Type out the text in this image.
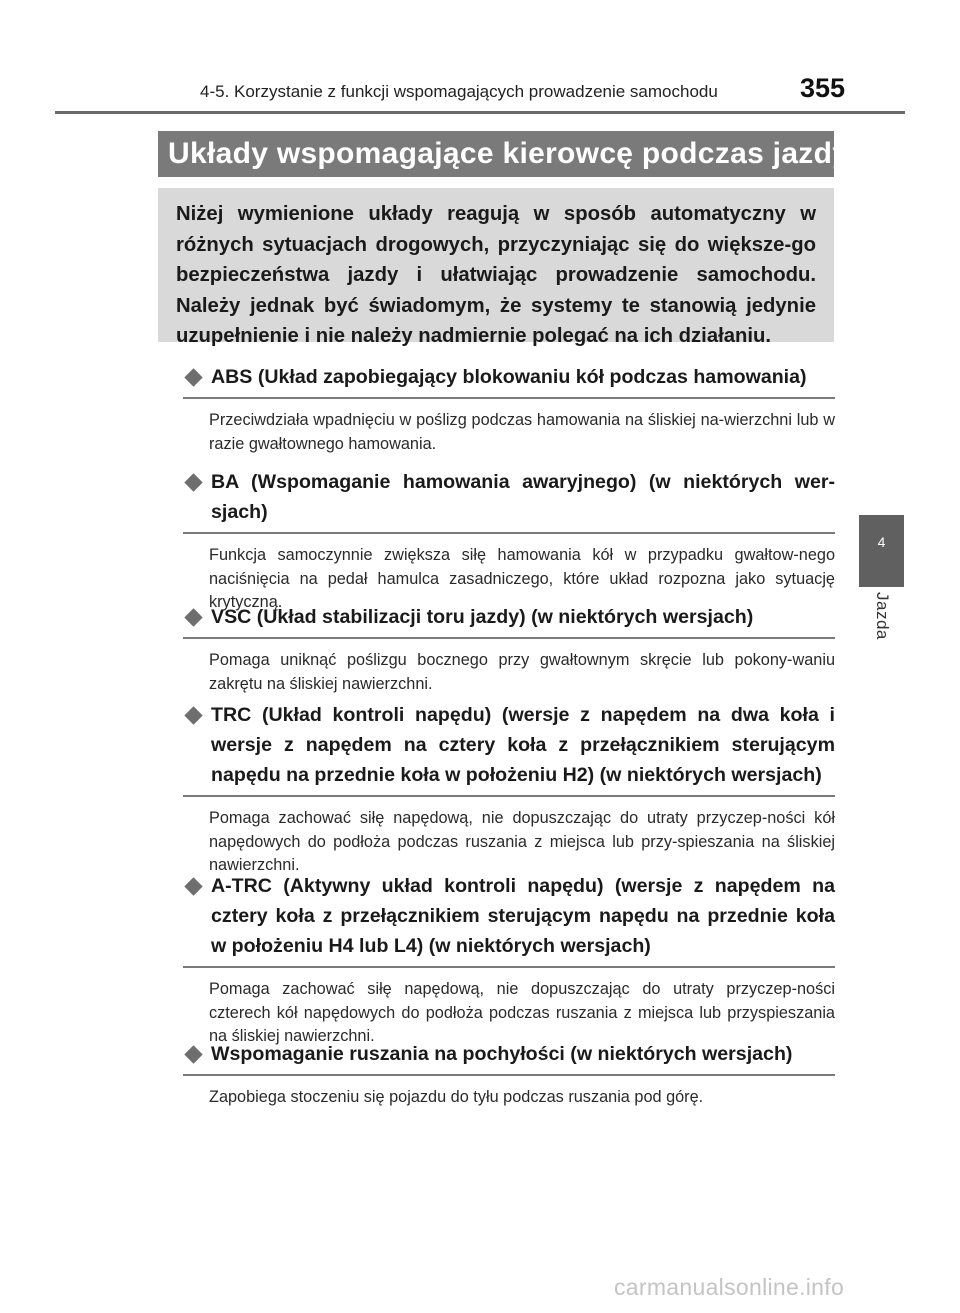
4-5. Korzystanie z funkcji wspomagających prowadzenie samochodu	355
Układy wspomagające kierowcę podczas jazdy
Niżej wymienione układy reagują w sposób automatyczny w różnych sytuacjach drogowych, przyczyniając się do większe-go bezpieczeństwa jazdy i ułatwiając prowadzenie samochodu. Należy jednak być świadomym, że systemy te stanowią jedynie uzupełnienie i nie należy nadmiernie polegać na ich działaniu.
ABS (Układ zapobiegający blokowaniu kół podczas hamowania)
Przeciwdziała wpadnięciu w poślizg podczas hamowania na śliskiej na-wierzchni lub w razie gwałtownego hamowania.
BA (Wspomaganie hamowania awaryjnego) (w niektórych wer-sjach)
Funkcja samoczynnie zwiększa siłę hamowania kół w przypadku gwałtow-nego naciśnięcia na pedał hamulca zasadniczego, które układ rozpozna jako sytuację krytyczną.
VSC (Układ stabilizacji toru jazdy) (w niektórych wersjach)
Pomaga uniknąć poślizgu bocznego przy gwałtownym skręcie lub pokony-waniu zakrętu na śliskiej nawierzchni.
TRC (Układ kontroli napędu) (wersje z napędem na dwa koła i wersje z napędem na cztery koła z przełącznikiem sterującym napędu na przednie koła w położeniu H2) (w niektórych wersjach)
Pomaga zachować siłę napędową, nie dopuszczając do utraty przyczep-ności kół napędowych do podłoża podczas ruszania z miejsca lub przy-spieszania na śliskiej nawierzchni.
A-TRC (Aktywny układ kontroli napędu) (wersje z napędem na cztery koła z przełącznikiem sterującym napędu na przednie koła w położeniu H4 lub L4) (w niektórych wersjach)
Pomaga zachować siłę napędową, nie dopuszczając do utraty przyczep-ności czterech kół napędowych do podłoża podczas ruszania z miejsca lub przyspieszania na śliskiej nawierzchni.
Wspomaganie ruszania na pochyłości (w niektórych wersjach)
Zapobiega stoczeniu się pojazdu do tyłu podczas ruszania pod górę.
4
Jazda
carmanualsonline.info
